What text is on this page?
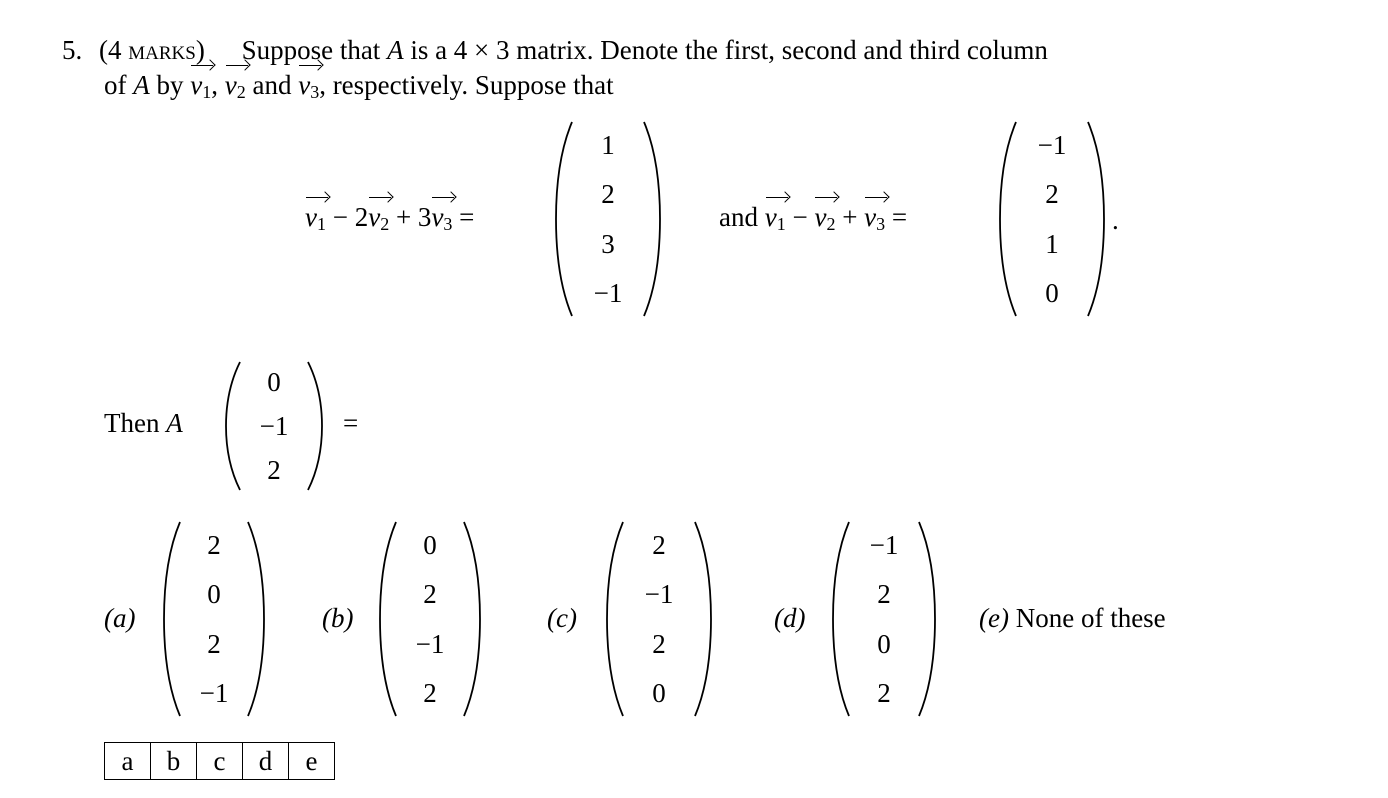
5. (4 marks) Suppose that A is a 4 × 3 matrix. Denote the first, second and third column
of A by $v_1$, $v_2$ and $v_3$, respectively. Suppose that
$v_1 - 2$
$v_2 + 3$
$v_3$ =
1
2
3
−1
and $v_1$ −
$v_2$ +
$v_3$ =
−1
2
1
0
.
Then A
0
−1
2
=
(a)
2
0
2
−1
(b)
0
2
−1
2
(c)
2
−1
2
0
(d)
−1
2
0
2
(e) None of these
a	b	c	d	e
